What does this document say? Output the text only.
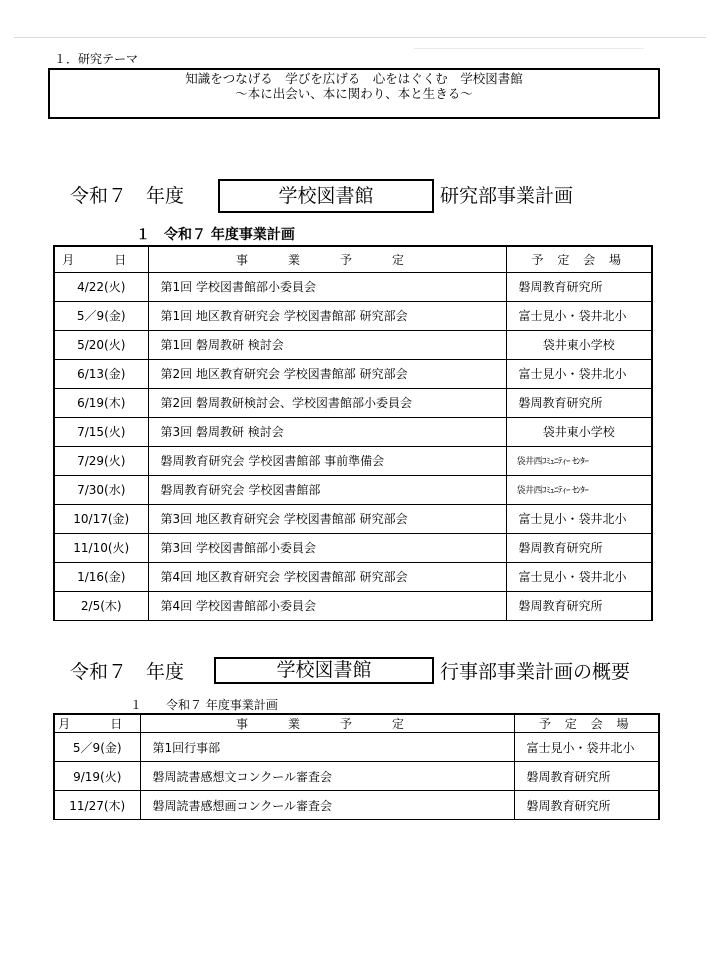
１．研究テーマ
知識をつなげる　学びを広げる　心をはぐくむ　学校図書館
～本に出会い、本に関わり、本と生きる～
令和７　年度	学校図書館	研究部事業計画
１　令和７ 年度事業計画
月　日	事　業　予　定	予 定 会 場
4/22(火)	第1回 学校図書館部小委員会	磐周教育研究所
5／9(金)	第1回 地区教育研究会 学校図書館部 研究部会	富士見小・袋井北小
5/20(火)	第1回 磐周教研 検討会	袋井東小学校
6/13(金)	第2回 地区教育研究会 学校図書館部 研究部会	富士見小・袋井北小
6/19(木)	第2回 磐周教研検討会、学校図書館部小委員会	磐周教育研究所
7/15(火)	第3回 磐周教研 検討会	袋井東小学校
7/29(火)	磐周教育研究会 学校図書館部 事前準備会	袋井西ｺﾐｭﾆﾃｨｰ ｾﾝﾀｰ
7/30(水)	磐周教育研究会 学校図書館部	袋井西ｺﾐｭﾆﾃｨｰ ｾﾝﾀｰ
10/17(金)	第3回 地区教育研究会 学校図書館部 研究部会	富士見小・袋井北小
11/10(火)	第3回 学校図書館部小委員会	磐周教育研究所
1/16(金)	第4回 地区教育研究会 学校図書館部 研究部会	富士見小・袋井北小
2/5(木)	第4回 学校図書館部小委員会	磐周教育研究所
令和７　年度	学校図書館	行事部事業計画の概要
１　　令和７ 年度事業計画
月　日	事　業　予　定	予 定 会 場
5／9(金)	第1回行事部	富士見小・袋井北小
9/19(火)	磐周読書感想文コンクール審査会	磐周教育研究所
11/27(木)	磐周読書感想画コンクール審査会	磐周教育研究所
